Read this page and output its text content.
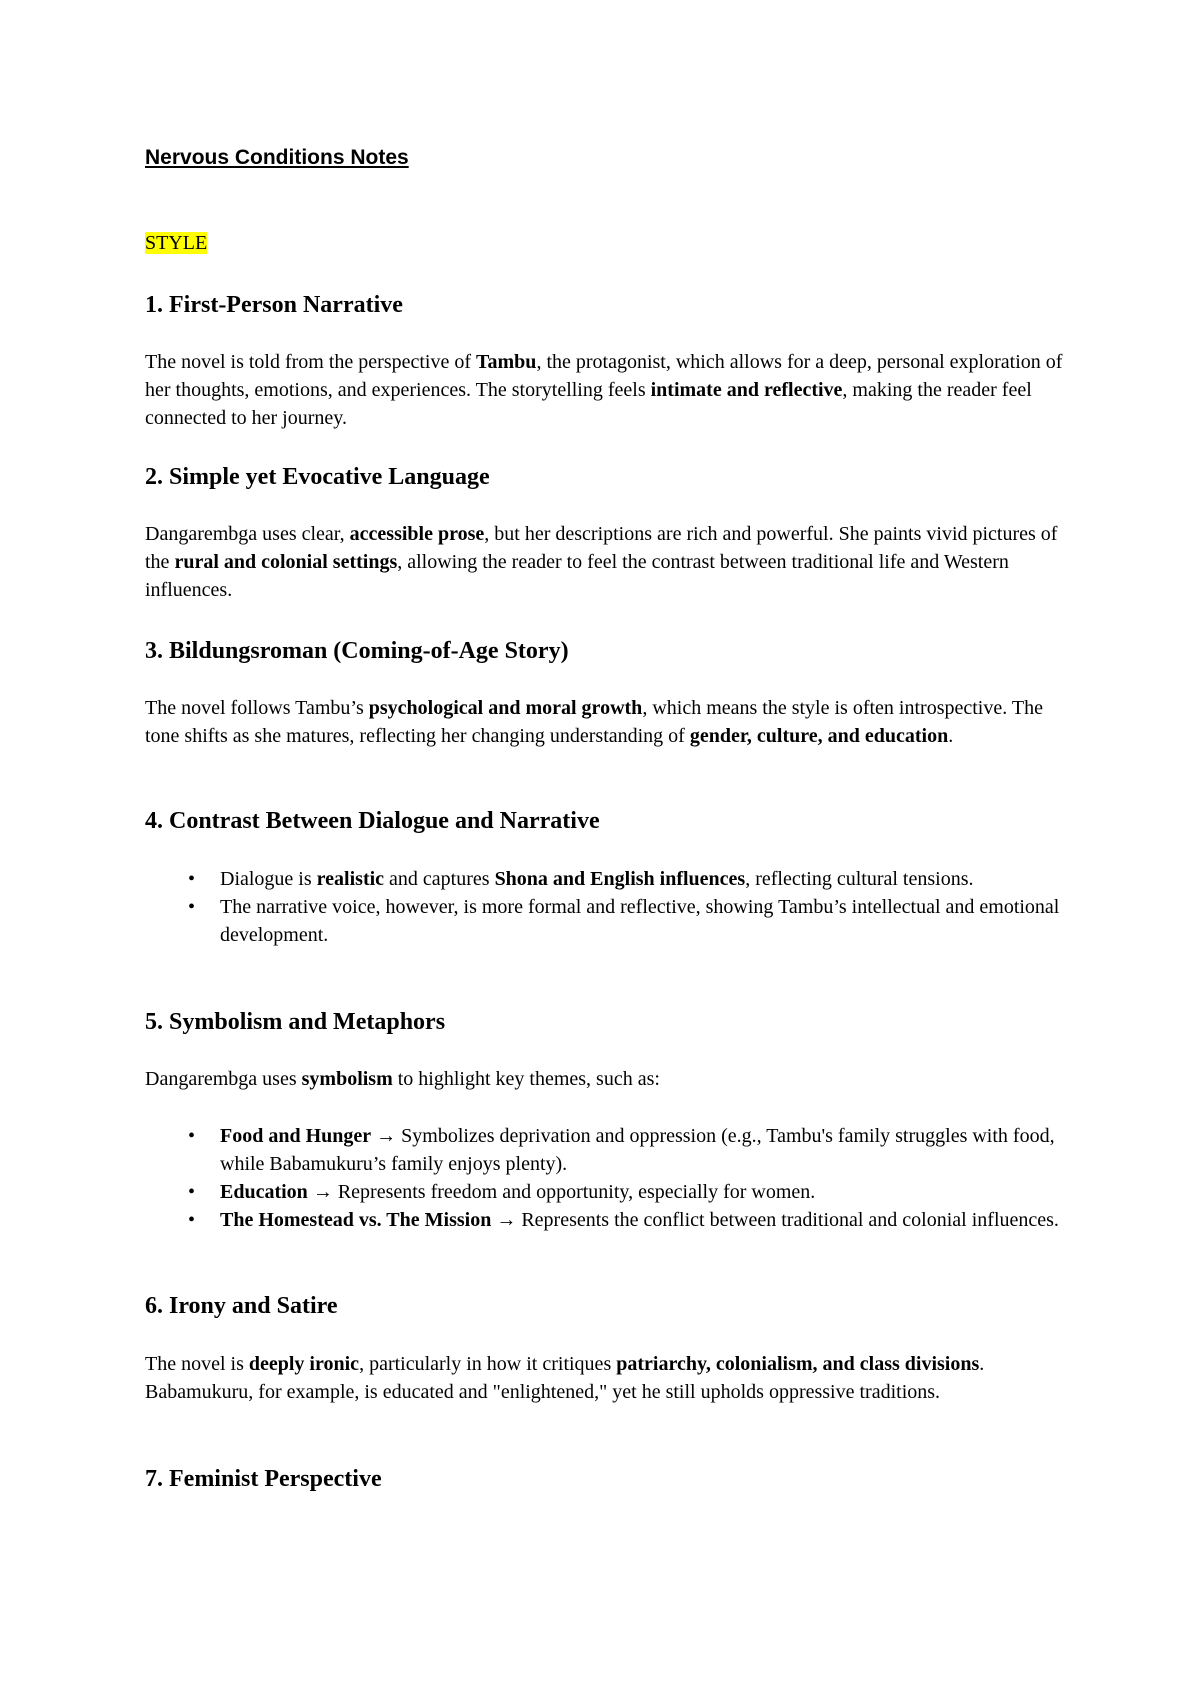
Nervous Conditions Notes
STYLE
1. First-Person Narrative

The novel is told from the perspective of Tambu, the protagonist, which allows for a deep, personal exploration of her thoughts, emotions, and experiences. The storytelling feels intimate and reflective, making the reader feel connected to her journey.

2. Simple yet Evocative Language

Dangarembga uses clear, accessible prose, but her descriptions are rich and powerful. She paints vivid pictures of the rural and colonial settings, allowing the reader to feel the contrast between traditional life and Western influences.

3. Bildungsroman (Coming-of-Age Story)

The novel follows Tambu’s psychological and moral growth, which means the style is often introspective. The tone shifts as she matures, reflecting her changing understanding of gender, culture, and education.

4. Contrast Between Dialogue and Narrative
• Dialogue is realistic and captures Shona and English influences, reflecting cultural tensions.
• The narrative voice, however, is more formal and reflective, showing Tambu’s intellectual and emotional development.
5. Symbolism and Metaphors

Dangarembga uses symbolism to highlight key themes, such as:

• Food and Hunger → Symbolizes deprivation and oppression (e.g., Tambu's family struggles with food, while Babamukuru’s family enjoys plenty).
• Education → Represents freedom and opportunity, especially for women.
• The Homestead vs. The Mission → Represents the conflict between traditional and colonial influences.
6. Irony and Satire

The novel is deeply ironic, particularly in how it critiques patriarchy, colonialism, and class divisions. Babamukuru, for example, is educated and "enlightened," yet he still upholds oppressive traditions.

7. Feminist Perspective
